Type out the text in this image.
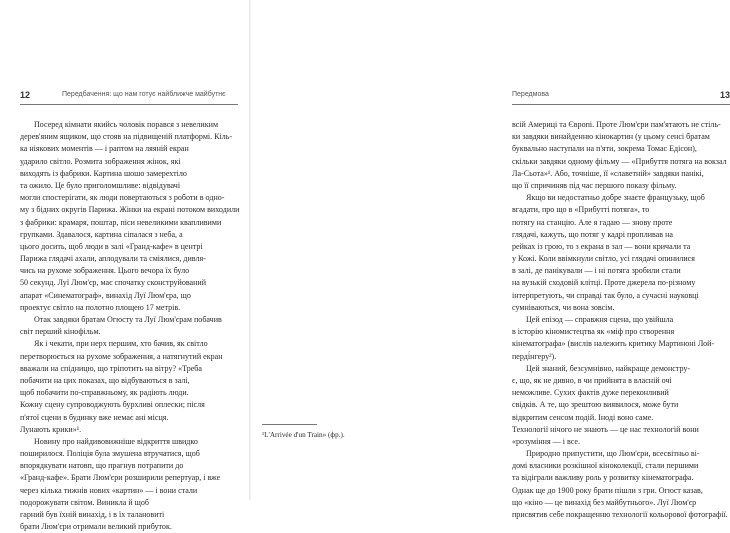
12	Передбачення: що нам готує найближче майбутнє
Посеред кімнати якийсь чоловік порався з невеликим
дерев'яним ящиком, що стояв на підвищеній платформі. Кіль-
ка ніякових моментів — і раптом на ляяній екран
ударило світло. Розмита зображення жінок, які
виходять із фабрики. Картина шошо замерехтіло
та ожило. Це було приголомшливе: відвідувачі
могли спостерігати, як люди повертаються з роботи в одно-
му з бідних округів Парижа. Жінки на екрані потоком виходили
з фабрики: крамаря, поштар, піси невеликими квапливими
групками. Здавалося, картина сіпалася з неба, а
цього досить, щоб люди в залі «Гранд-кафе» в центрі
Парижа глядачі ахали, аплодували та сміялися, дивля-
чись на рухоме зображення. Цього вечора їх було
50 секунд. Луї Люм'єр, має спочатку сконструйований
апарат «Синематограф», винахід Луї Люм'єра, що
проектує світло на полотно площею 17 метрів.
Отак завдяки братам Огюсту та Луї Люм'єрам побачив
світ перший кінофільм.
Як і чекати, при нерх першим, хто бачив, як світло
перетворюється на рухоме зображення, а натягнутий екран
вважали на спідницю, що тріпотить на вітру? «Треба
побачити на цих показах, що відбуваються в залі,
щоб побачити по-справжньому, як радіють люди.
Кожну сцену супроводжують бурхливі оплески; після
п'ятої сцени в будинку вже немає ані місця.
Лунають крики»¹.
Новину про найдивовижніше відкриття швидко
поширилося. Поліція була змушена втручатися, щоб
впорядкувати натовп, що прагнув потрапити до
«Гранд-кафе». Брати Люм'єри розширили репертуар, і вже
через кілька тижнів нових «картин» — і вони стали
подорожувати світом. Виникла й щоб
гарний був їхній винахід, і в їх талановиті
брати Люм'єри отримали великий прибуток.
Передмова	13
всій Америці та Європі. Проте Люм'єри пам'ятають не стіль-
ки завдяки винайденню кінокартин (у цьому сенсі братам
буквально наступали на п'яти, зокрема Томас Едісон),
скільки завдяки одному фільму — «Прибуття потяга на вокзал
Ла-Сьота»¹. Або, точніше, її «славетній» завдяки панікі,
що її спричиняв під час першого показу фільму.
Якщо ви недостатньо добре знаєте французьку, щоб
вгадати, про що в «Прибутті потяга», то
потягу на станцію. Але я гадаю — знову проте
глядачі, кажуть, що потяг у кадрі пропливав на
рейках із грою, то з екрана в зал — вони кричали та
у Кожі. Коли ввімкнули світло, усі глядачі опинилися
в залі, де панікували — і ні потяга зробили стали
на вузькій сходовій клітці. Проте джерела по-різному
інтерпретують, чи справді так було, а сучасні науковці
сумніваються, чи вона зовсім.
Цей епізод — справжня сцена, що увійшла
в історію кіномистецтва як «міф про створення
кінематографа» (вислів належить критику Мартиноні Лой-
перді́нгеру²).
Цей знаний, безсумнівно, найкраще демонстру-
є, що, як не дивно, в чи прийнята в власній очі
неможливе. Сухих фактів дуже переконливий
свідків. А те, що зрештою виявилося, може бути
відкритим сенсом подій. Іноді воно саме.
Технології нічого не знають — це нас технологій вони
«розуміння — і все.
Природно припустити, що Люм'єри, всесвітньо ві-
домі власники розкішної кіноколекції, стали першими
та відіграли важливу роль у розвитку кінематографа.
Однак ще до 1900 року брати пішли з гри. Огюст казав,
що «кіно — це винахід без майбутнього». Луї Люм'єр
присвятив себе покращенню технології кольорової фотографії.
¹L'Arrivée d'un Train» (фр.).
